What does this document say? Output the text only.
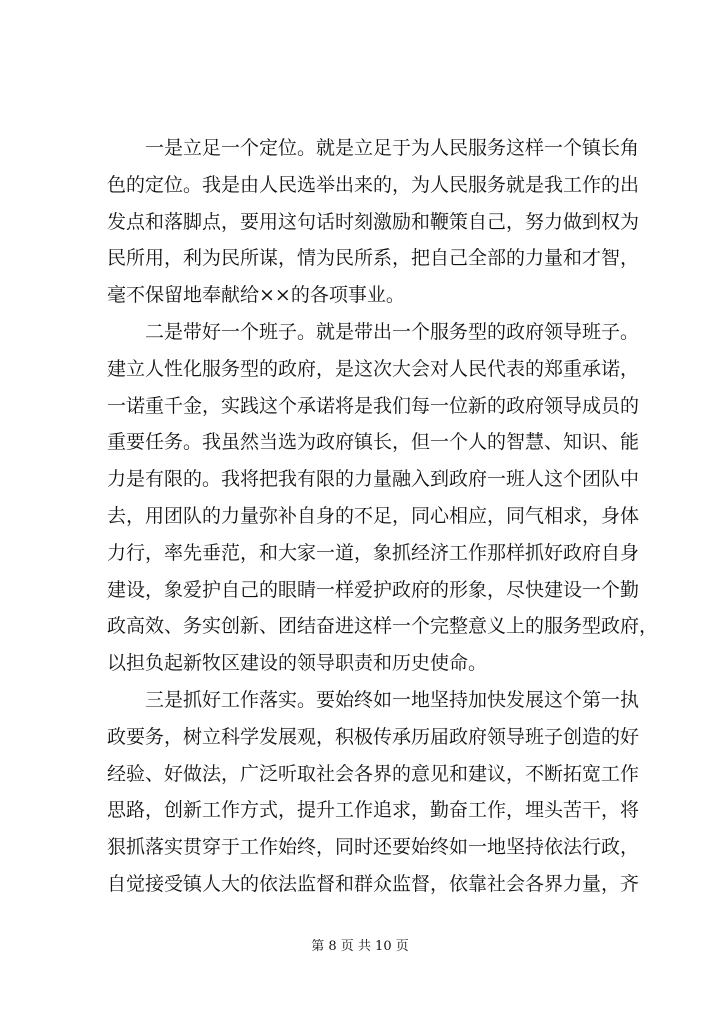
一是立足一个定位。就是立足于为人民服务这样一个镇长角
色的定位。我是由人民选举出来的，为人民服务就是我工作的出
发点和落脚点，要用这句话时刻激励和鞭策自己，努力做到权为
民所用，利为民所谋，情为民所系，把自己全部的力量和才智，
毫不保留地奉献给××的各项事业。
二是带好一个班子。就是带出一个服务型的政府领导班子。
建立人性化服务型的政府，是这次大会对人民代表的郑重承诺，
一诺重千金，实践这个承诺将是我们每一位新的政府领导成员的
重要任务。我虽然当选为政府镇长，但一个人的智慧、知识、能
力是有限的。我将把我有限的力量融入到政府一班人这个团队中
去，用团队的力量弥补自身的不足，同心相应，同气相求，身体
力行，率先垂范，和大家一道，象抓经济工作那样抓好政府自身
建设，象爱护自己的眼睛一样爱护政府的形象，尽快建设一个勤
政高效、务实创新、团结奋进这样一个完整意义上的服务型政府，
以担负起新牧区建设的领导职责和历史使命。
三是抓好工作落实。要始终如一地坚持加快发展这个第一执
政要务，树立科学发展观，积极传承历届政府领导班子创造的好
经验、好做法，广泛听取社会各界的意见和建议，不断拓宽工作
思路，创新工作方式，提升工作追求，勤奋工作，埋头苦干，将
狠抓落实贯穿于工作始终，同时还要始终如一地坚持依法行政，
自觉接受镇人大的依法监督和群众监督，依靠社会各界力量，齐
第 8 页 共 10 页
